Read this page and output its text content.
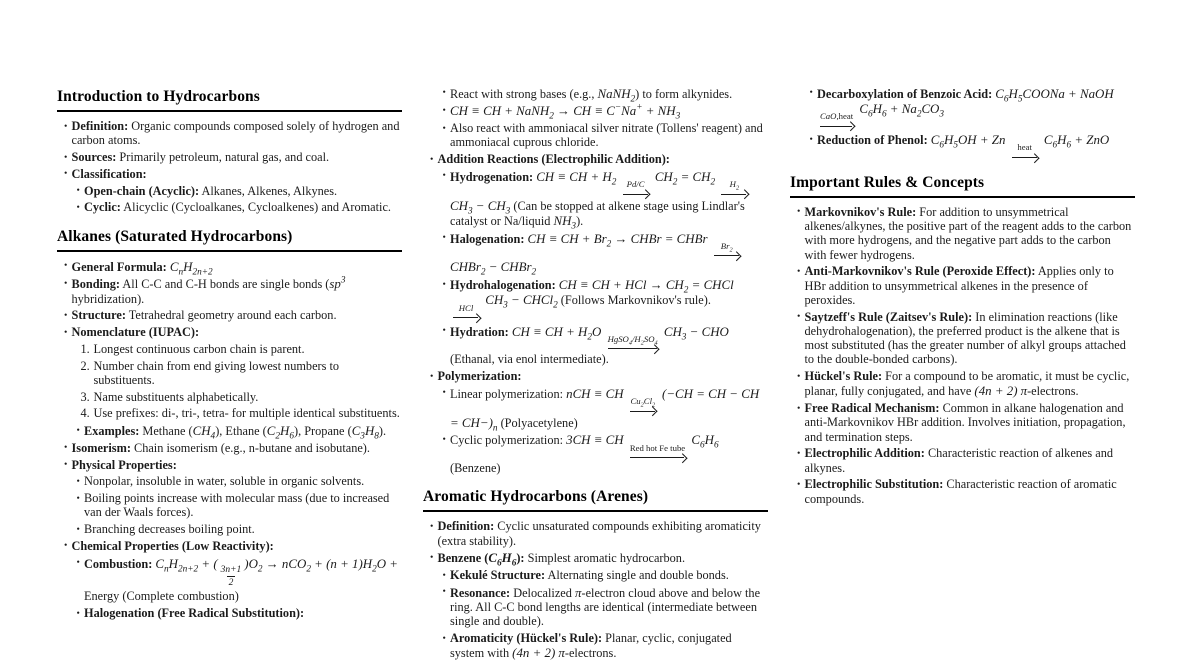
Introduction to Hydrocarbons
• Definition: Organic compounds composed solely of hydrogen and carbon atoms.
• Sources: Primarily petroleum, natural gas, and coal.
• Classification:
• Open-chain (Acyclic): Alkanes, Alkenes, Alkynes.
• Cyclic: Alicyclic (Cycloalkanes, Cycloalkenes) and Aromatic.
Alkanes (Saturated Hydrocarbons)
• General Formula: $C_nH_{2n+2}$
• Bonding: All C-C and C-H bonds are single bonds ($sp^3$ hybridization).
• Structure: Tetrahedral geometry around each carbon.
• Nomenclature (IUPAC):
1. Longest continuous carbon chain is parent.
2. Number chain from end giving lowest numbers to substituents.
3. Name substituents alphabetically.
4. Use prefixes: di-, tri-, tetra- for multiple identical substituents.
• Examples: Methane $(CH_4)$, Ethane $(C_2H_6)$, Propane $(C_3H_8)$.
• Isomerism: Chain isomerism (e.g., n-butane and isobutane).
• Physical Properties:
• Nonpolar, insoluble in water, soluble in organic solvents.
• Boiling points increase with molecular mass (due to increased van der Waals forces).
• Branching decreases boiling point.
• Chemical Properties (Low Reactivity):
• Combustion: $C_nH_{2n+2}$ + (
$\frac{3n+1}{2}$
)$O_2 \to nCO_2 + (n + 1)H_2O$ + Energy (Complete combustion)
• Halogenation (Free Radical Substitution):
• React with strong bases (e.g., NaNH$_2$) to form alkynides.
• CH ≡ CH + NaNH$_2$ → CH ≡ $C^-Na^+ + NH_3$
• Also react with ammoniacal silver nitrate (Tollens' reagent) and ammoniacal cuprous chloride.
• Addition Reactions (Electrophilic Addition):
• Hydrogenation: CH ≡ CH + $H_2$ Pd/C
$CH_2 = CH_2$ $H_2$
$CH_3 - CH_3$ (Can be stopped at alkene stage using Lindlar's catalyst or Na/liquid $NH_3$).
• Halogenation: CH ≡ CH + $Br_2$ → CHBr = CHBr
$Br_2$
CHBr$_2$ − CHBr$_2$
• Hydrohalogenation: CH ≡ CH + HCl → $CH_2$ = CHCl
HCl
$CH_3$ − CHCl$_2$ (Follows Markovnikov's rule).
• Hydration: CH ≡ CH + $H_2O$
$HgSO_4/H_2SO_4$
$CH_3$ − CHO (Ethanal, via enol intermediate).
• Polymerization:
• Linear polymerization: nCH ≡ CH
$Cu_2Cl_2$
(−CH = CH − CH = $CH-)_n$ (Polyacetylene)
• Cyclic polymerization: 3CH ≡ CH
Red hot Fe tube
$C_6H_6$ (Benzene)
Aromatic Hydrocarbons (Arenes)
• Definition: Cyclic unsaturated compounds exhibiting aromaticity (extra stability).
• Benzene $(C_6H_6)$: Simplest aromatic hydrocarbon.
• Kekulé Structure: Alternating single and double bonds.
• Resonance: Delocalized π-electron cloud above and below the ring. All C-C bond lengths are identical (intermediate between single and double).
• Aromaticity (Hückel's Rule): Planar, cyclic, conjugated system with (4n + 2) π-electrons.
• Decarboxylation of Benzoic Acid: $C_6H_5COONa$ + NaOH
CaO,heat
$C_6H_6 + Na_2CO_3$
• Reduction of Phenol: $C_6H_5OH + Zn$
heat
$C_6H_6$ + ZnO
Important Rules & Concepts
• Markovnikov's Rule: For addition to unsymmetrical alkenes/alkynes, the positive part of the reagent adds to the carbon with more hydrogens, and the negative part adds to the carbon with fewer hydrogens.
• Anti-Markovnikov's Rule (Peroxide Effect): Applies only to HBr addition to unsymmetrical alkenes in the presence of peroxides.
• Saytzeff's Rule (Zaitsev's Rule): In elimination reactions (like dehydrohalogenation), the preferred product is the alkene that is most substituted (has the greater number of alkyl groups attached to the double-bonded carbons).
• Hückel's Rule: For a compound to be aromatic, it must be cyclic, planar, fully conjugated, and have (4n + 2) π-electrons.
• Free Radical Mechanism: Common in alkane halogenation and anti-Markovnikov HBr addition. Involves initiation, propagation, and termination steps.
• Electrophilic Addition: Characteristic reaction of alkenes and alkynes.
• Electrophilic Substitution: Characteristic reaction of aromatic compounds.
